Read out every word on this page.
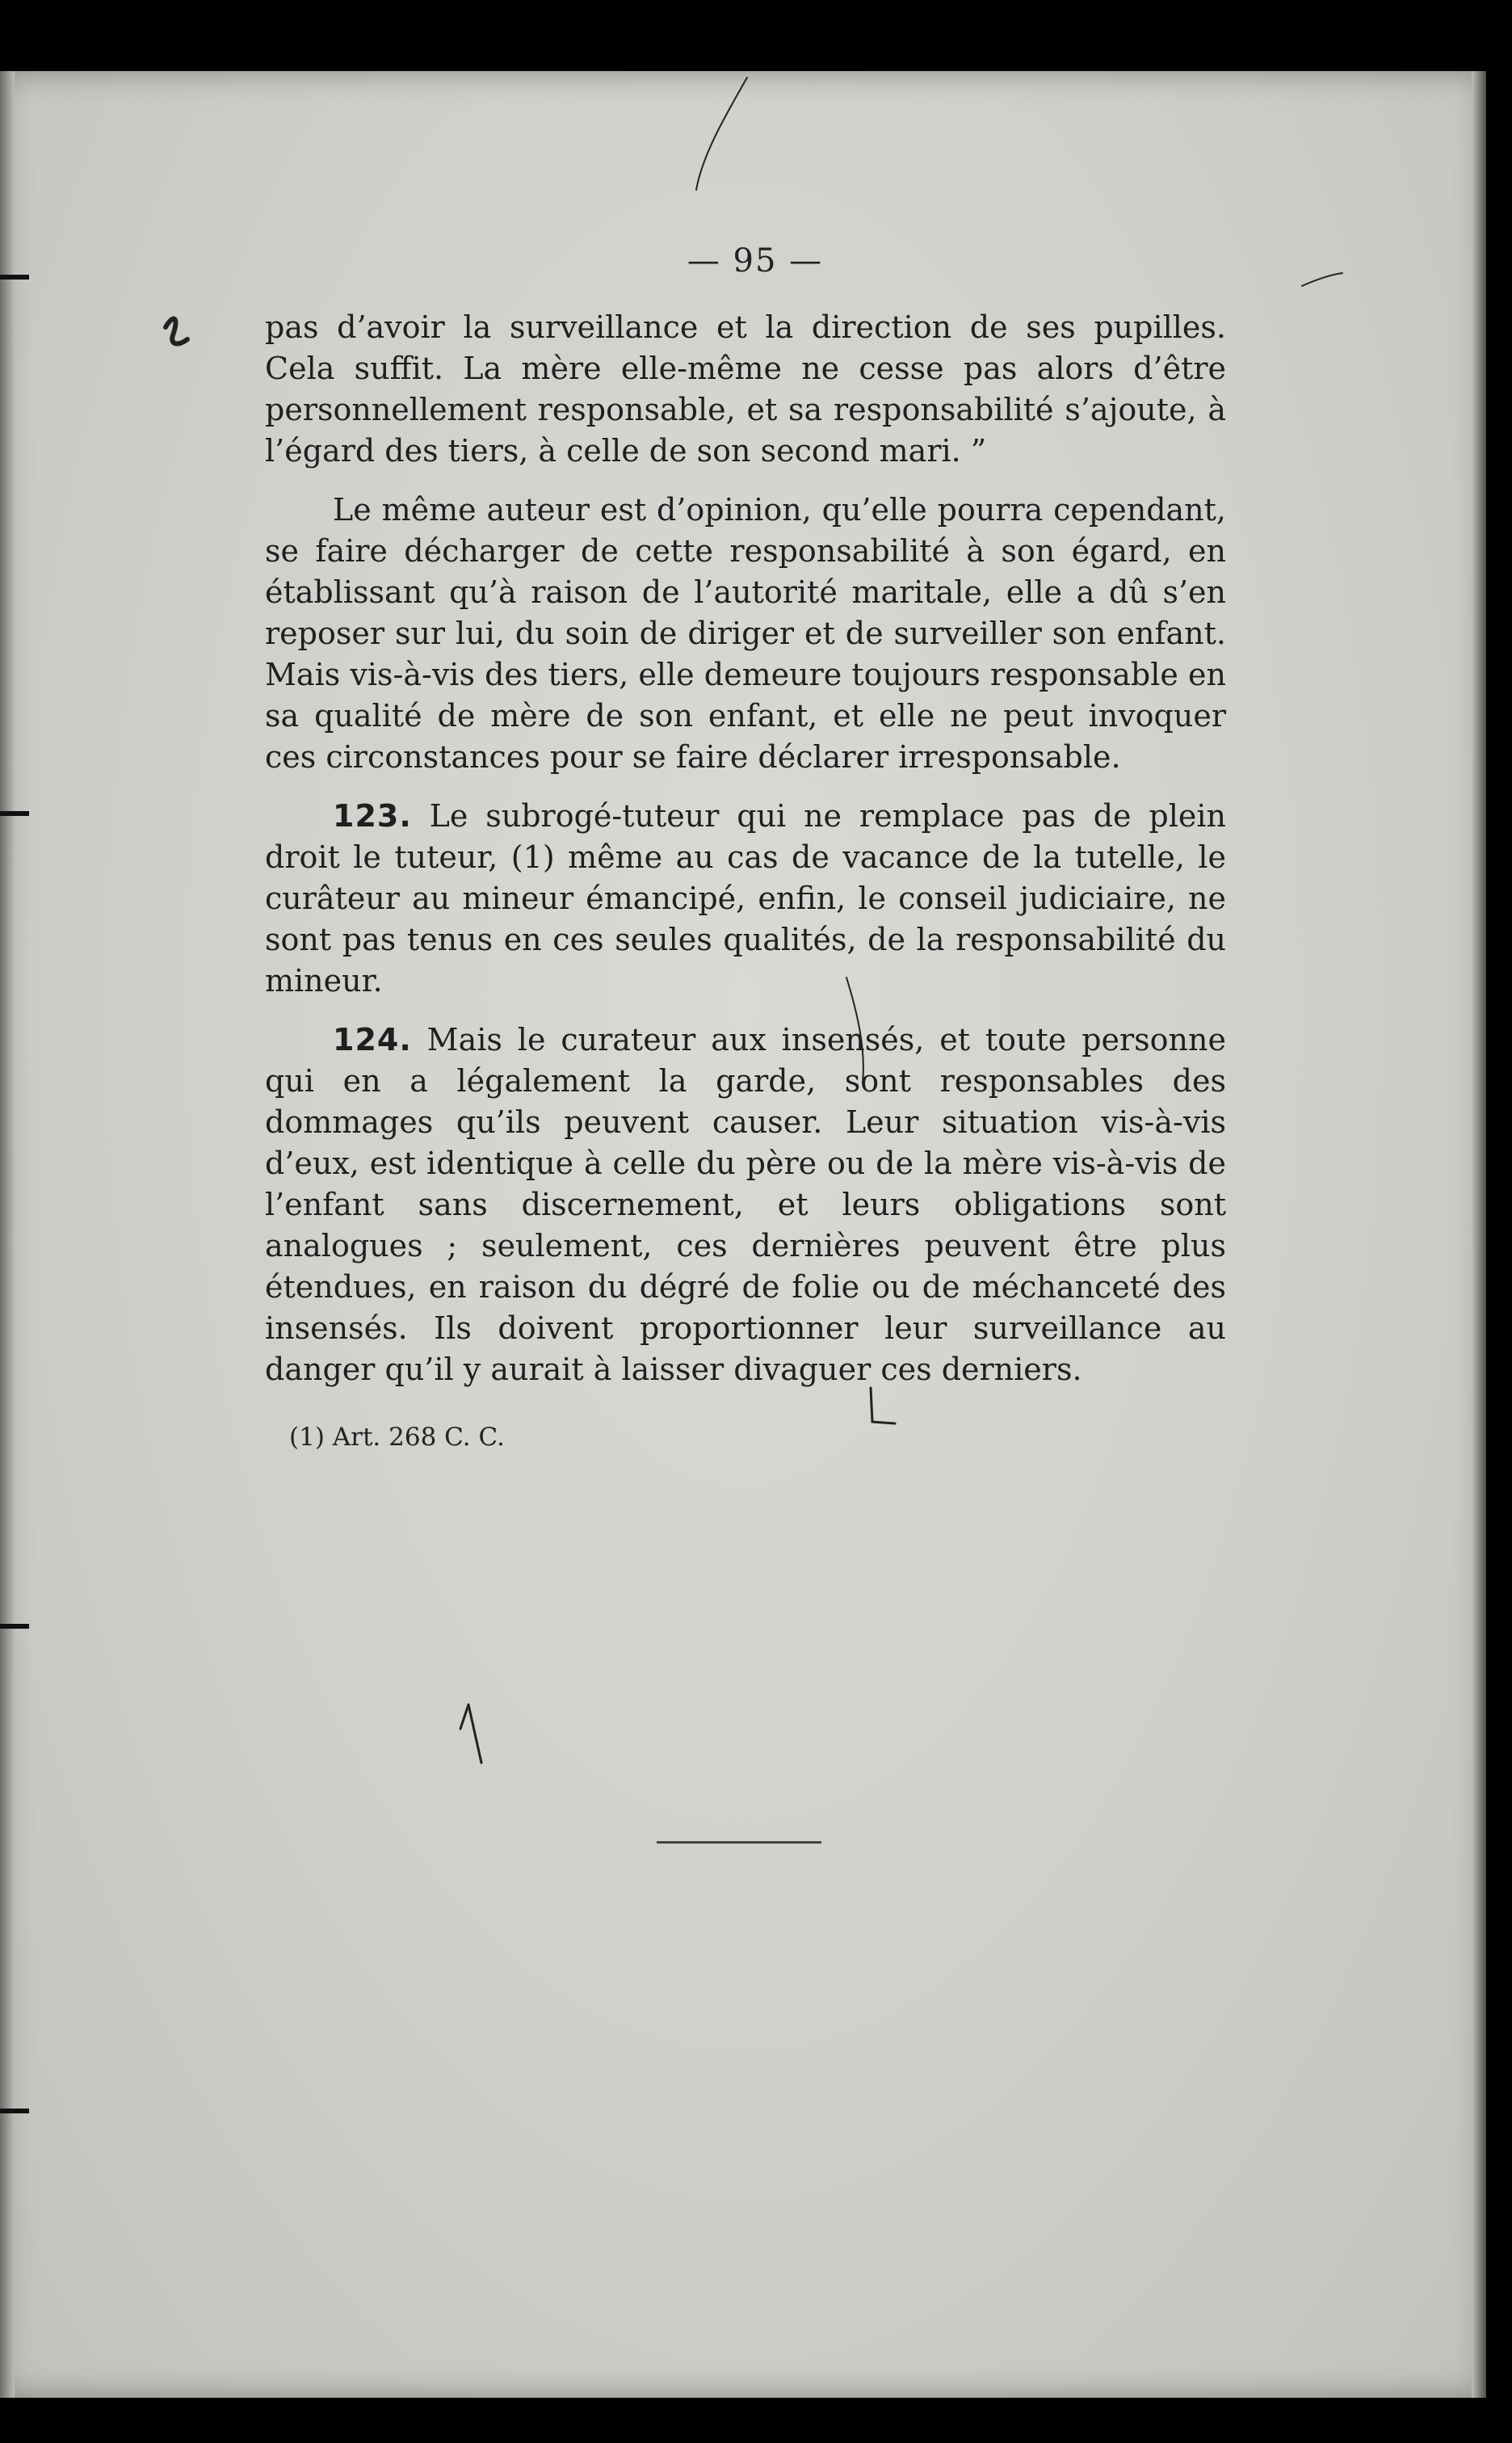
— 95 —

pas d’avoir la surveillance et la direction de ses pupilles. Cela suffit. La mère elle-même ne cesse pas alors d’être personnellement responsable, et sa responsabilité s’ajoute, à l’égard des tiers, à celle de son second mari. ”

Le même auteur est d’opinion, qu’elle pourra cependant, se faire décharger de cette responsabilité à son égard, en établissant qu’à raison de l’autorité maritale, elle a dû s’en reposer sur lui, du soin de diriger et de surveiller son enfant. Mais vis-à-vis des tiers, elle demeure toujours responsable en sa qualité de mère de son enfant, et elle ne peut invoquer ces circonstances pour se faire déclarer irresponsable.

123. Le subrogé-tuteur qui ne remplace pas de plein droit le tuteur, (1) même au cas de vacance de la tutelle, le curâteur au mineur émancipé, enfin, le conseil judiciaire, ne sont pas tenus en ces seules qualités, de la responsabilité du mineur.

124. Mais le curateur aux insensés, et toute personne qui en a légalement la garde, sont responsables des dommages qu’ils peuvent causer. Leur situation vis-à-vis d’eux, est identique à celle du père ou de la mère vis-à-vis de l’enfant sans discernement, et leurs obligations sont analogues ; seulement, ces dernières peuvent être plus étendues, en raison du dégré de folie ou de méchanceté des insensés. Ils doivent proportionner leur surveillance au danger qu’il y aurait à laisser divaguer ces derniers.

(1) Art. 268 C. C.
